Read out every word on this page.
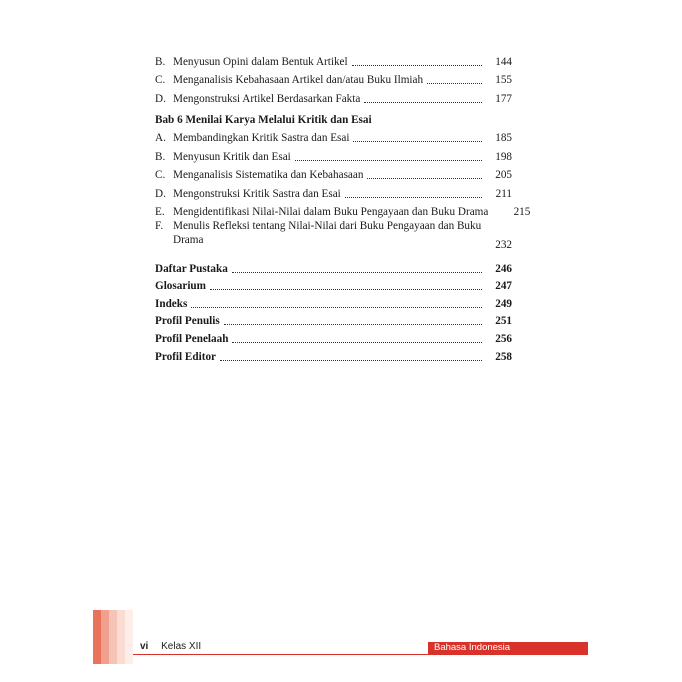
B. Menyusun Opini dalam Bentuk Artikel	144
C. Menganalisis Kebahasaan Artikel dan/atau Buku Ilmiah	155
D. Mengonstruksi Artikel Berdasarkan Fakta	177
Bab 6 Menilai Karya Melalui Kritik dan Esai
A. Membandingkan Kritik Sastra dan Esai	185
B. Menyusun Kritik dan Esai	198
C. Menganalisis Sistematika dan Kebahasaan	205
D. Mengonstruksi Kritik Sastra dan Esai	211
E. Mengidentifikasi Nilai-Nilai dalam Buku Pengayaan dan Buku Drama	215
F. Menulis Refleksi tentang Nilai-Nilai dari Buku Pengayaan dan Buku
Drama	232
Daftar Pustaka	246
Glosarium	247
Indeks	249
Profil Penulis	251
Profil Penelaah	256
Profil Editor	258
vi Kelas XII	Bahasa Indonesia
